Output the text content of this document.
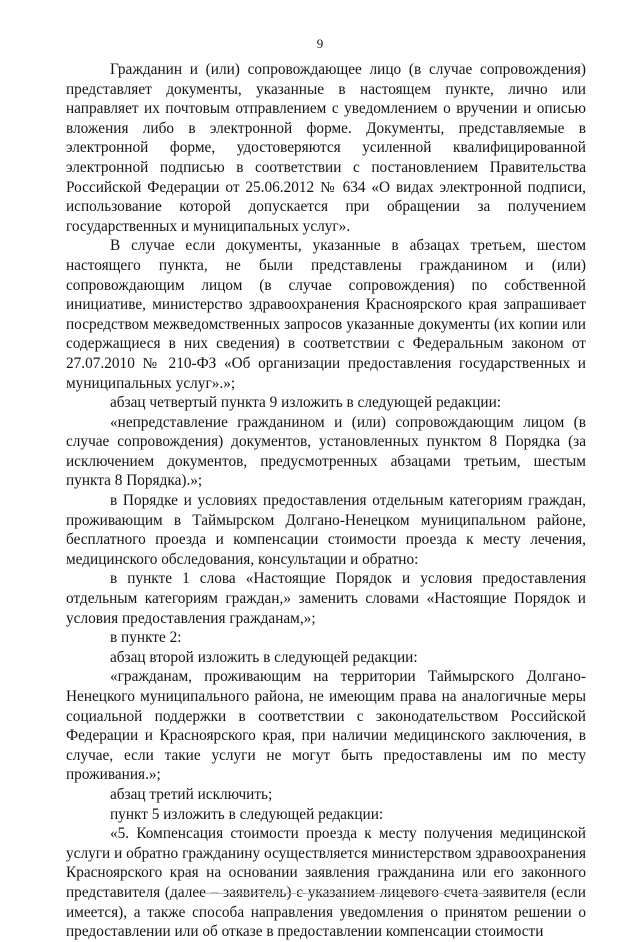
9

Гражданин и (или) сопровождающее лицо (в случае сопровождения) представляет документы, указанные в настоящем пункте, лично или направляет их почтовым отправлением с уведомлением о вручении и описью вложения либо в электронной форме. Документы, представляемые в электронной форме, удостоверяются усиленной квалифицированной электронной подписью в соответствии с постановлением Правительства Российской Федерации от 25.06.2012 № 634 «О видах электронной подписи, использование которой допускается при обращении за получением государственных и муниципальных услуг».

В случае если документы, указанные в абзацах третьем, шестом настоящего пункта, не были представлены гражданином и (или) сопровождающим лицом (в случае сопровождения) по собственной инициативе, министерство здравоохранения Красноярского края запрашивает посредством межведомственных запросов указанные документы (их копии или содержащиеся в них сведения) в соответствии с Федеральным законом от 27.07.2010 № 210-ФЗ «Об организации предоставления государственных и муниципальных услуг».»;

абзац четвертый пункта 9 изложить в следующей редакции:

«непредставление гражданином и (или) сопровождающим лицом (в случае сопровождения) документов, установленных пунктом 8 Порядка (за исключением документов, предусмотренных абзацами третьим, шестым пункта 8 Порядка).»;

в Порядке и условиях предоставления отдельным категориям граждан, проживающим в Таймырском Долгано-Ненецком муниципальном районе, бесплатного проезда и компенсации стоимости проезда к месту лечения, медицинского обследования, консультации и обратно:

в пункте 1 слова «Настоящие Порядок и условия предоставления отдельным категориям граждан,» заменить словами «Настоящие Порядок и условия предоставления гражданам,»;

в пункте 2:

абзац второй изложить в следующей редакции:

«гражданам, проживающим на территории Таймырского Долгано-Ненецкого муниципального района, не имеющим права на аналогичные меры социальной поддержки в соответствии с законодательством Российской Федерации и Красноярского края, при наличии медицинского заключения, в случае, если такие услуги не могут быть предоставлены им по месту проживания.»;

абзац третий исключить;

пункт 5 изложить в следующей редакции:

«5. Компенсация стоимости проезда к месту получения медицинской услуги и обратно гражданину осуществляется министерством здравоохранения Красноярского края на основании заявления гражданина или его законного представителя (далее – заявитель) с указанием лицевого счета заявителя (если имеется), а также способа направления уведомления о принятом решении о предоставлении или об отказе в предоставлении компенсации стоимости
